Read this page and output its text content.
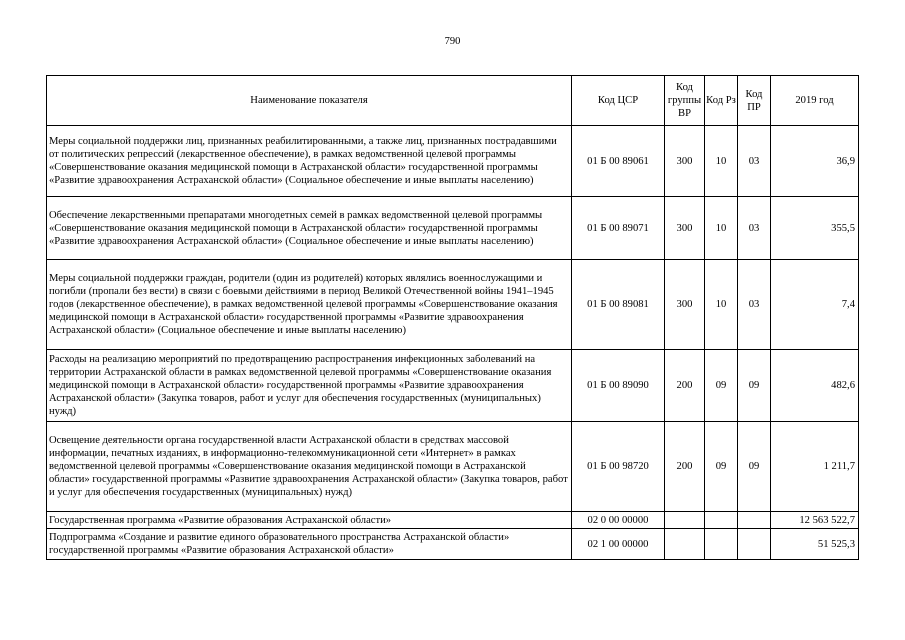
790
Наименование показателя	Код ЦСР	Код группы ВР	Код Рз	Код ПР	2019 год
Меры социальной поддержки лиц, признанных реабилитированными, а также лиц, признанных пострадавшими от политических репрессий (лекарственное обеспечение), в рамках ведомственной целевой программы «Совершенствование оказания медицинской помощи в Астраханской области» государственной программы «Развитие здравоохранения Астраханской области» (Социальное обеспечение и иные выплаты населению)	01 Б 00 89061	300	10	03	36,9
Обеспечение лекарственными препаратами многодетных семей в рамках ведомственной целевой программы «Совершенствование оказания медицинской помощи в Астраханской области» государственной программы «Развитие здравоохранения Астраханской области» (Социальное обеспечение и иные выплаты населению)	01 Б 00 89071	300	10	03	355,5
Меры социальной поддержки граждан, родители (один из родителей) которых являлись военнослужащими и погибли (пропали без вести) в связи с боевыми действиями в период Великой Отечественной войны 1941–1945 годов (лекарственное обеспечение), в рамках ведомственной целевой программы «Совершенствование оказания медицинской помощи в Астраханской области» государственной программы «Развитие здравоохранения Астраханской области» (Социальное обеспечение и иные выплаты населению)	01 Б 00 89081	300	10	03	7,4
Расходы на реализацию мероприятий по предотвращению распространения инфекционных заболеваний на территории Астраханской области в рамках ведомственной целевой программы «Совершенствование оказания медицинской помощи в Астраханской области» государственной программы «Развитие здравоохранения Астраханской области» (Закупка товаров, работ и услуг для обеспечения государственных (муниципальных) нужд)	01 Б 00 89090	200	09	09	482,6
Освещение деятельности органа государственной власти Астраханской области в средствах массовой информации, печатных изданиях, в информационно-телекоммуникационной сети «Интернет» в рамках ведомственной целевой программы «Совершенствование оказания медицинской помощи в Астраханской области» государственной программы «Развитие здравоохранения Астраханской области» (Закупка товаров, работ и услуг для обеспечения государственных (муниципальных) нужд)	01 Б 00 98720	200	09	09	1 211,7
Государственная программа «Развитие образования Астраханской области»	02 0 00 00000				12 563 522,7
Подпрограмма «Создание и развитие единого образовательного пространства Астраханской области» государственной программы «Развитие образования Астраханской области»	02 1 00 00000				51 525,3
